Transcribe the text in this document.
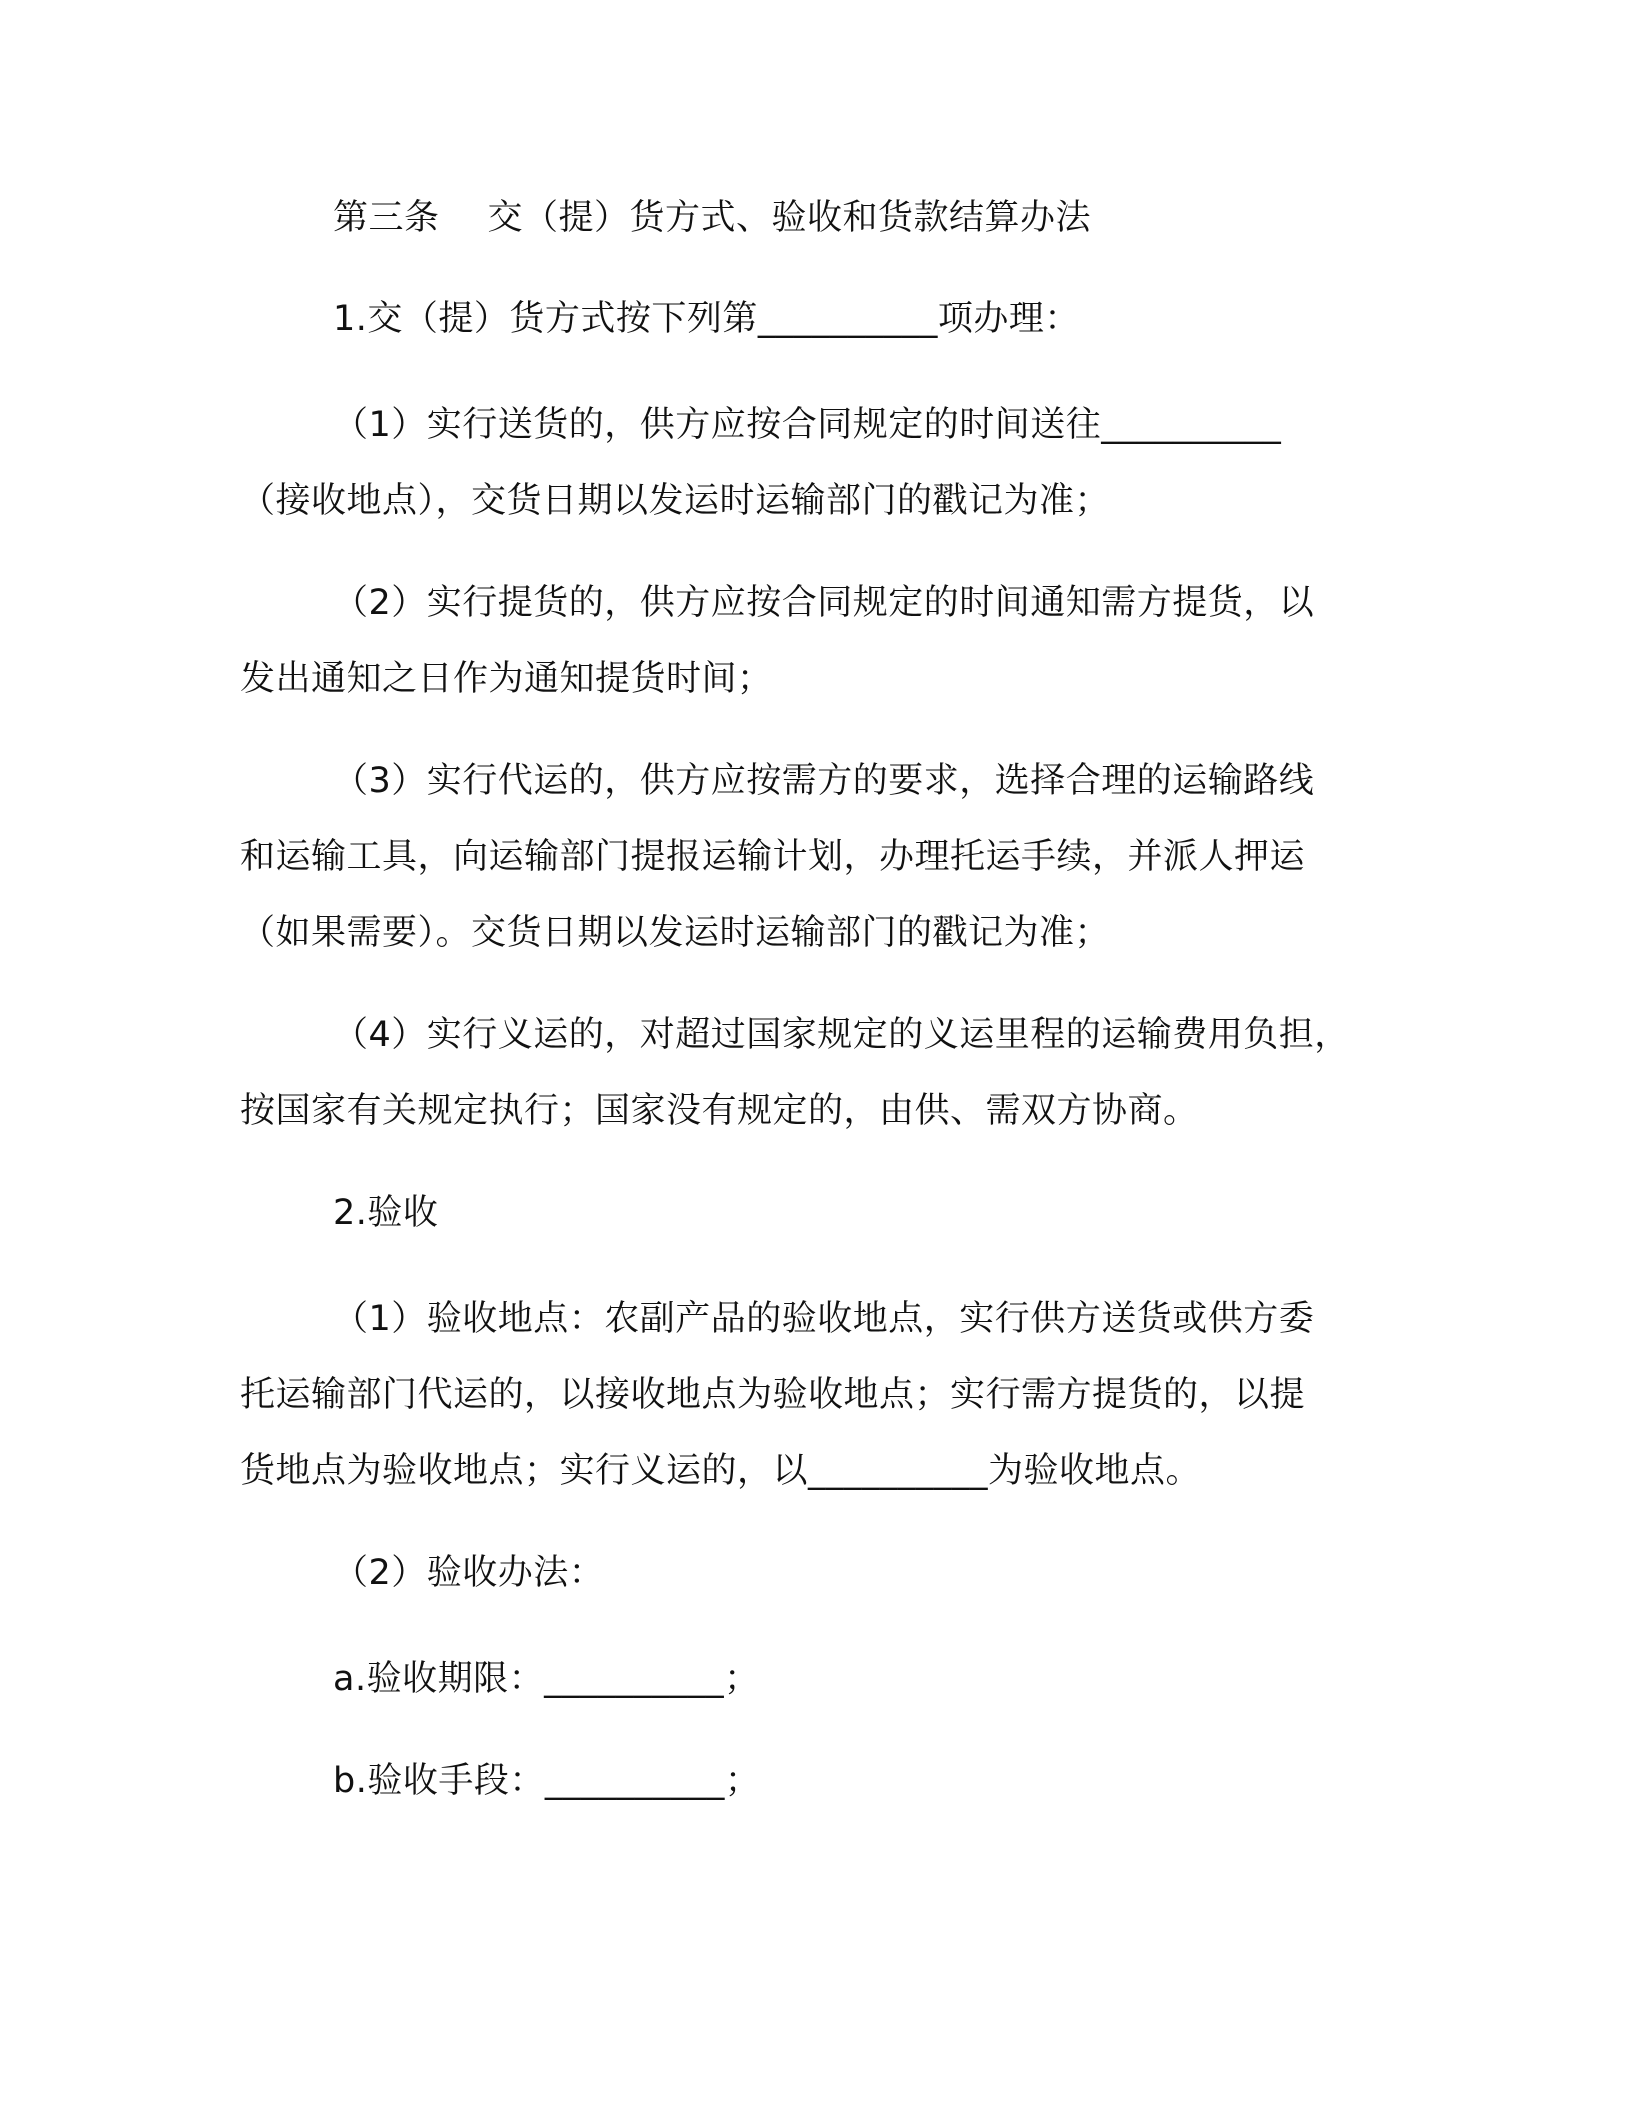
第三条 交（提）货方式、验收和货款结算办法
1.交（提）货方式按下列第__________项办理：
（1）实行送货的，供方应按合同规定的时间送往__________
（接收地点），交货日期以发运时运输部门的戳记为准；
（2）实行提货的，供方应按合同规定的时间通知需方提货，以
发出通知之日作为通知提货时间；
（3）实行代运的，供方应按需方的要求，选择合理的运输路线
和运输工具，向运输部门提报运输计划，办理托运手续，并派人押运
（如果需要）。交货日期以发运时运输部门的戳记为准；
（4）实行义运的，对超过国家规定的义运里程的运输费用负担，
按国家有关规定执行；国家没有规定的，由供、需双方协商。
2.验收
（1）验收地点：农副产品的验收地点，实行供方送货或供方委
托运输部门代运的，以接收地点为验收地点；实行需方提货的，以提
货地点为验收地点；实行义运的，以__________为验收地点。
（2）验收办法：
a.验收期限：__________；
b.验收手段：__________；
